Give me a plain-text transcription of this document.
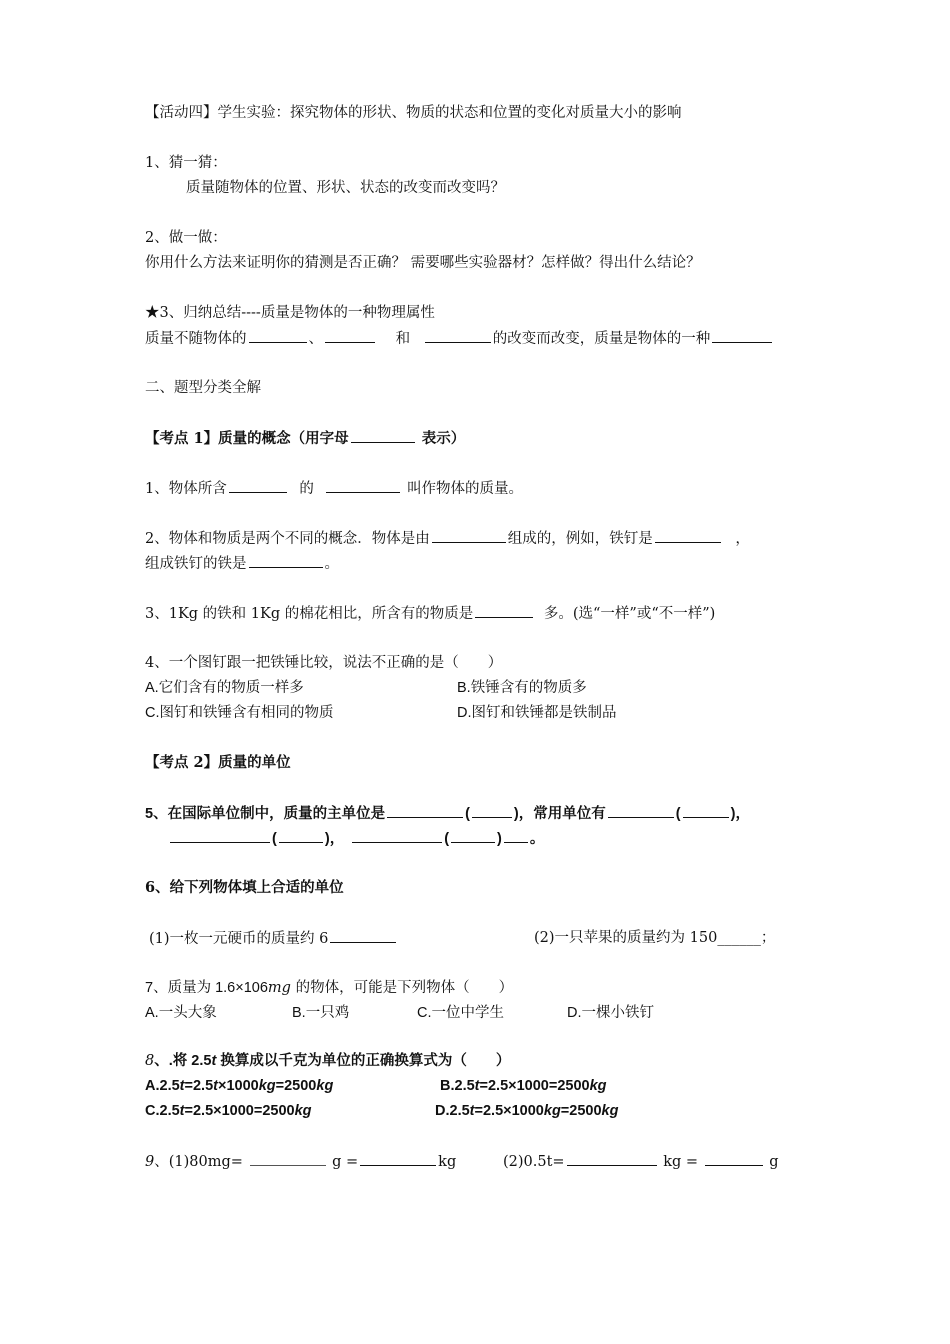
【活动四】学生实验：探究物体的形状、物质的状态和位置的变化对质量大小的影响
1、猜一猜：
质量随物体的位置、形状、状态的改变而改变吗？
2、做一做：
你用什么方法来证明你的猜测是否正确？ 需要哪些实验器材？怎样做？得出什么结论？
★3、归纳总结----质量是物体的一种物理属性
质量不随物体的	、	和	的改变而改变，质量是物体的一种
二、题型分类全解
【考点 1】质量的概念（用字母	表示）
1、物体所含	的	叫作物体的质量。
2、物体和物质是两个不同的概念．物体是由	组成的，例如，铁钉是	，
组成铁钉的铁是	。
3、1Kg 的铁和 1Kg 的棉花相比，所含有的物质是	多。(选“一样”或“不一样”)
4、一个图钉跟一把铁锤比较，说法不正确的是（　　）
A.它们含有的物质一样多	B.铁锤含有的物质多
C.图钉和铁锤含有相同的物质	D.图钉和铁锤都是铁制品
【考点 2】质量的单位
5、在国际单位制中，质量的主单位是	(	)，常用单位有	(	)，
(	)，	(	) 。
6、给下列物体填上合适的单位
(1)一枚一元硬币的质量约 6	(2)一只苹果的质量约为 150______；
7、质量为 1.6×106mg 的物体，可能是下列物体（　　）
A.一头大象	B.一只鸡	C.一位中学生	D.一棵小铁钉
8、.将 2.5t 换算成以千克为单位的正确换算式为（　　）
A.2.5t=2.5t×1000kg=2500kg	B.2.5t=2.5×1000=2500kg
C.2.5t=2.5×1000=2500kg	D.2.5t=2.5×1000kg=2500kg
9、(1)80mg=	g =	kg	(2)0.5t=	kg =	g
